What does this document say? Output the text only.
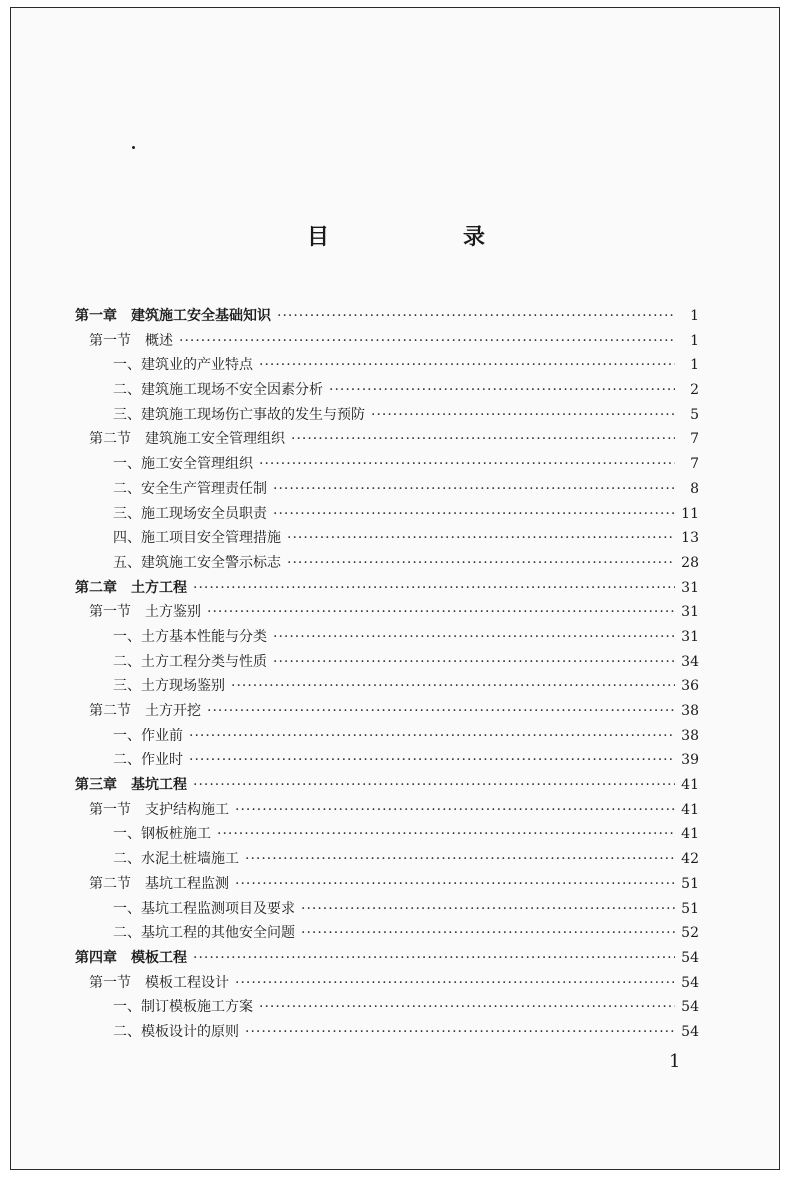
目　　录
第一章　建筑施工安全基础知识 ·····	1
第一节　概述 ·····	1
一、建筑业的产业特点 ·····	1
二、建筑施工现场不安全因素分析 ·····	2
三、建筑施工现场伤亡事故的发生与预防 ·····	5
第二节　建筑施工安全管理组织 ·····	7
一、施工安全管理组织 ·····	7
二、安全生产管理责任制 ·····	8
三、施工现场安全员职责 ·····	11
四、施工项目安全管理措施 ·····	13
五、建筑施工安全警示标志 ·····	28
第二章　土方工程 ·····	31
第一节　土方鉴别 ·····	31
一、土方基本性能与分类 ·····	31
二、土方工程分类与性质 ·····	34
三、土方现场鉴别 ·····	36
第二节　土方开挖 ·····	38
一、作业前 ·····	38
二、作业时 ·····	39
第三章　基坑工程 ·····	41
第一节　支护结构施工 ·····	41
一、钢板桩施工 ·····	41
二、水泥土桩墙施工 ·····	42
第二节　基坑工程监测 ·····	51
一、基坑工程监测项目及要求 ·····	51
二、基坑工程的其他安全问题 ·····	52
第四章　模板工程 ·····	54
第一节　模板工程设计 ·····	54
一、制订模板施工方案 ·····	54
二、模板设计的原则 ·····	54
1
